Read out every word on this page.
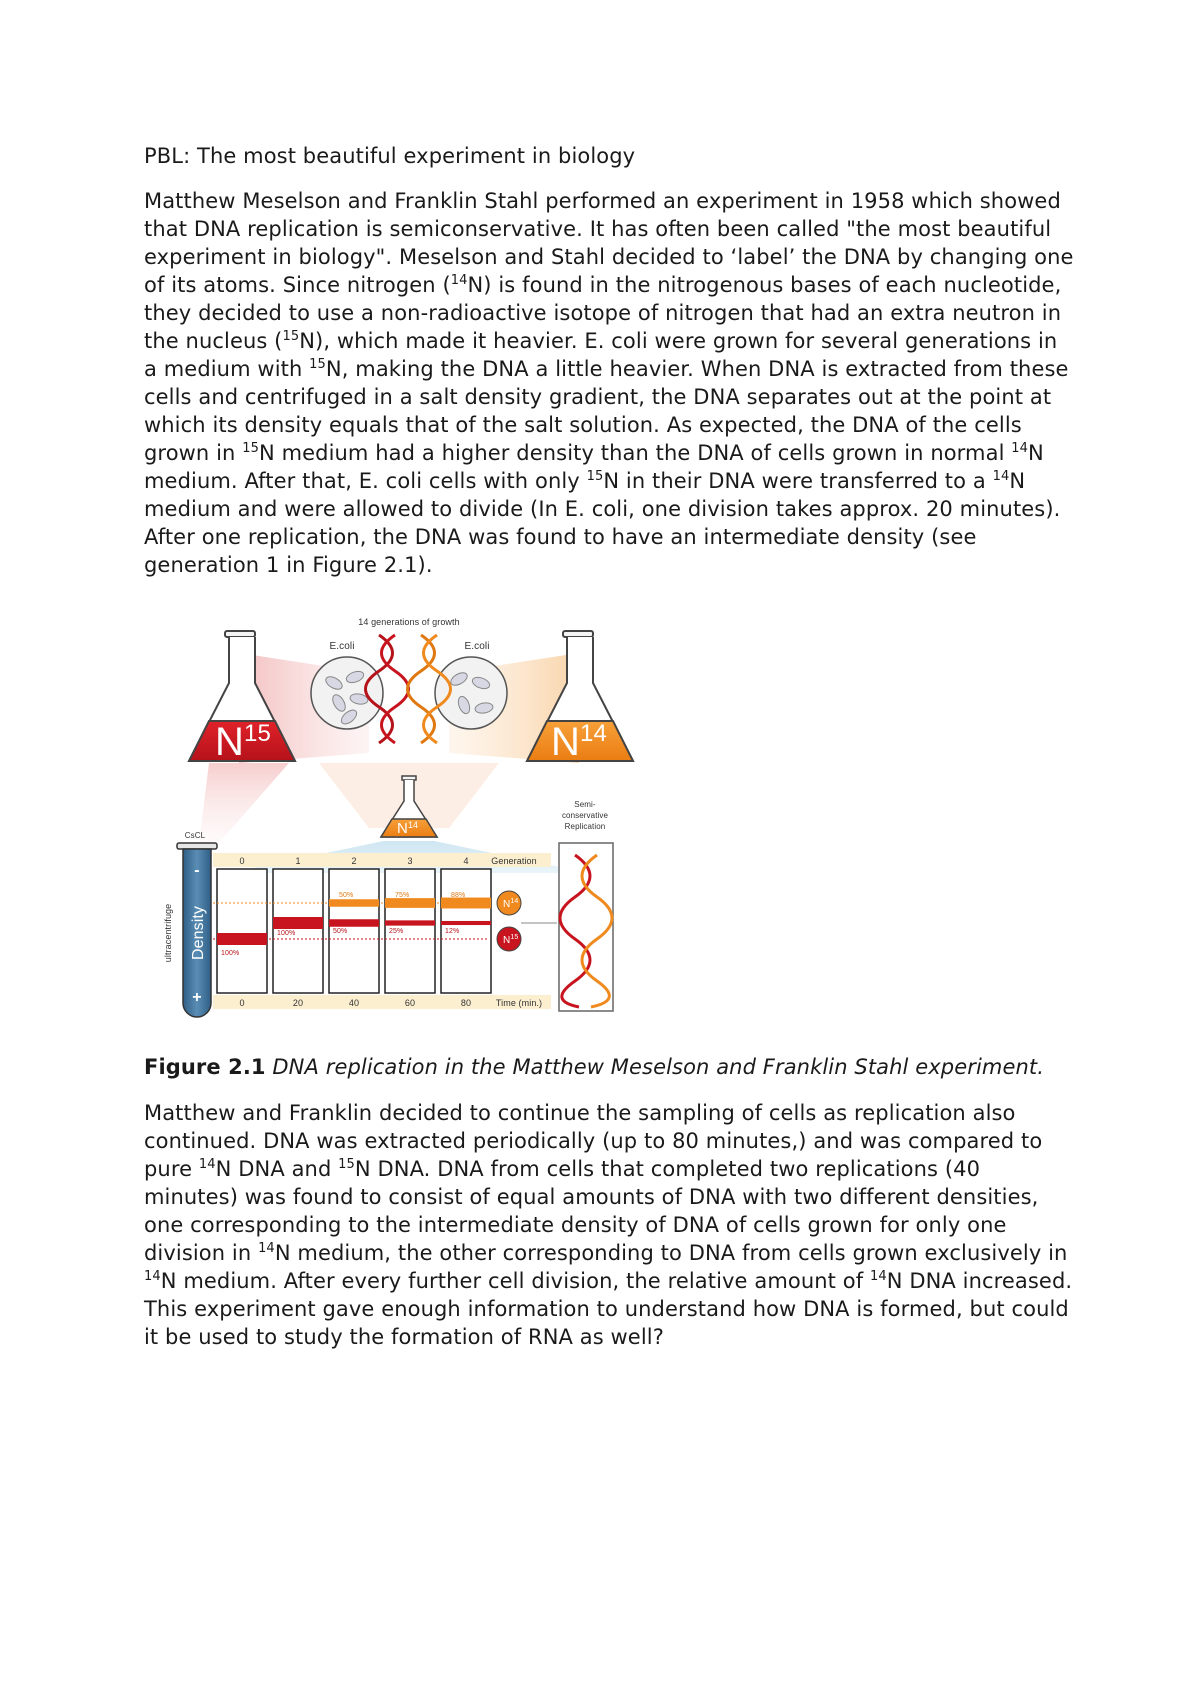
PBL: The most beautiful experiment in biology

Matthew Meselson and Franklin Stahl performed an experiment in 1958 which showed that DNA replication is semiconservative. It has often been called "the most beautiful experiment in biology". Meselson and Stahl decided to ‘label’ the DNA by changing one of its atoms. Since nitrogen ($^{14}$N) is found in the nitrogenous bases of each nucleotide, they decided to use a non-radioactive isotope of nitrogen that had an extra neutron in the nucleus ($^{15}$N), which made it heavier. E. coli were grown for several generations in a medium with $^{15}$N, making the DNA a little heavier. When DNA is extracted from these cells and centrifuged in a salt density gradient, the DNA separates out at the point at which its density equals that of the salt solution. As expected, the DNA of the cells grown in $^{15}$N medium had a higher density than the DNA of cells grown in normal $^{14}$N medium. After that, E. coli cells with only $^{15}$N in their DNA were transferred to a $^{14}$N medium and were allowed to divide (In E. coli, one division takes approx. 20 minutes). After one replication, the DNA was found to have an intermediate density (see generation 1 in Figure 2.1).

14 generations of growth
E.coli	E.coli
$N^{15}$	$N^{14}$
$N^{14}$
Generation
Time (min.)
CsCL
-
+
Density
ultracentrifuge
0
0
100%
1
20
100%
2
40
50%
50%
3
60
25%
75%
4
80
12%
88%
$N^{14}$
$N^{15}$
Semi-
conservative
Replication

Figure 2.1 DNA replication in the Matthew Meselson and Franklin Stahl experiment.

Matthew and Franklin decided to continue the sampling of cells as replication also continued. DNA was extracted periodically (up to 80 minutes,) and was compared to pure $^{14}$N DNA and $^{15}$N DNA. DNA from cells that completed two replications (40 minutes) was found to consist of equal amounts of DNA with two different densities, one corresponding to the intermediate density of DNA of cells grown for only one division in $^{14}$N medium, the other corresponding to DNA from cells grown exclusively in $^{14}$N medium. After every further cell division, the relative amount of $^{14}$N DNA increased. This experiment gave enough information to understand how DNA is formed, but could it be used to study the formation of RNA as well?
